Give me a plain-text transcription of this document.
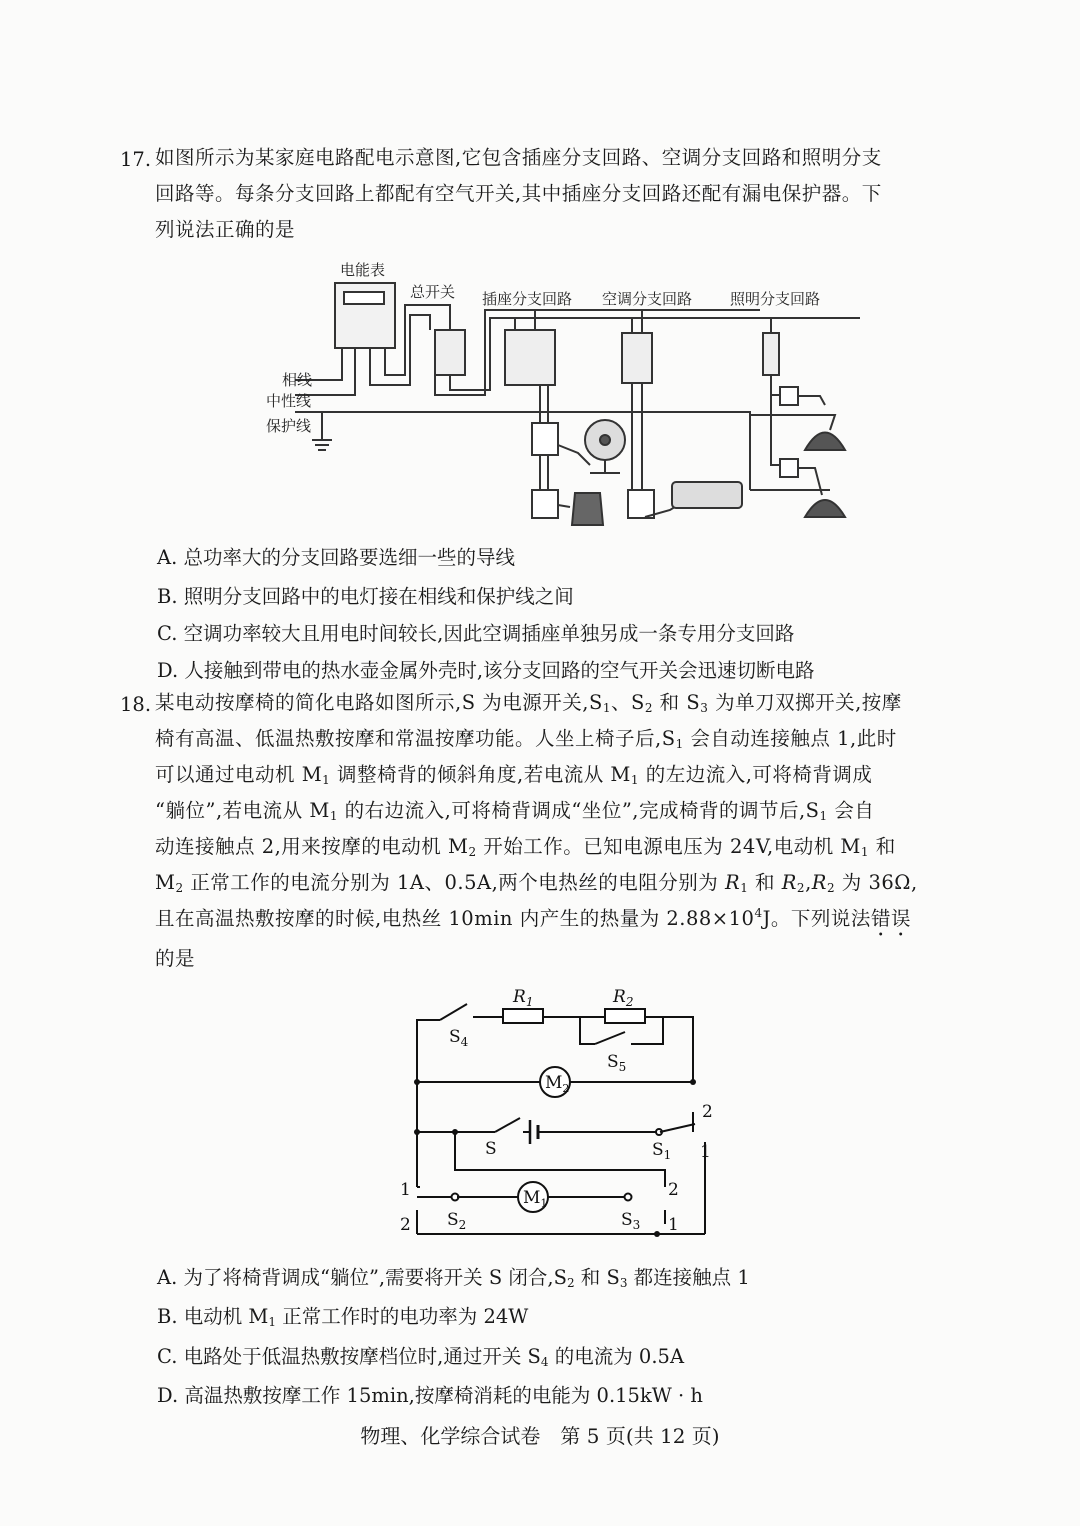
17. 如图所示为某家庭电路配电示意图,它包含插座分支回路、空调分支回路和照明分支
回路等。每条分支回路上都配有空气开关,其中插座分支回路还配有漏电保护器。下
列说法正确的是
电能表
总开关 插座分支回路 空调分支回路	照明分支回路
相线
中性线
保护线
A. 总功率大的分支回路要选细一些的导线
B. 照明分支回路中的电灯接在相线和保护线之间
C. 空调功率较大且用电时间较长,因此空调插座单独另成一条专用分支回路
D. 人接触到带电的热水壶金属外壳时,该分支回路的空气开关会迅速切断电路
18. 某电动按摩椅的简化电路如图所示,S 为电源开关$,S_1$、$S_2$ 和 $S_3$ 为单刀双掷开关,按摩
椅有高温、低温热敷按摩和常温按摩功能。人坐上椅子后$,S_1$ 会自动连接触点 1,此时
可以通过电动机 $M_1$ 调整椅背的倾斜角度,若电流从 $M_1$ 的左边流入,可将椅背调成
“躺位”,若电流从 $M_1$ 的右边流入,可将椅背调成“坐位”,完成椅背的调节后$,S_1$ 会自
动连接触点 2,用来按摩的电动机 $M_2$ 开始工作。已知电源电压为 24V,电动机 $M_1$ 和
$M_2$ 正常工作的电流分别为 1A、0.5A,两个电热丝的电阻分别为 $R_1$ 和 $R_2,R_2$ 为 36Ω,
且在高温热敷按摩的时候,电热丝 10min 内产生的热量为 $2.88\times 10^4J$。下列说法错误
的是
$R_1$	$R_2$
$S_4$
$S_5$
$M_2$
$M_1$
S	$S_1$
$S_2$	$S_3$
2
1
2
1
1
2
A. 为了将椅背调成“躺位”,需要将开关 S 闭合$,S_2$ 和 $S_3$ 都连接触点 1
B. 电动机 $M_1$ 正常工作时的电功率为 24W
C. 电路处于低温热敷按摩档位时,通过开关 $S_4$ 的电流为 0.5A
D. 高温热敷按摩工作 15min,按摩椅消耗的电能为 0.15kW · h
物理、化学综合试卷　第 5 页(共 12 页)
